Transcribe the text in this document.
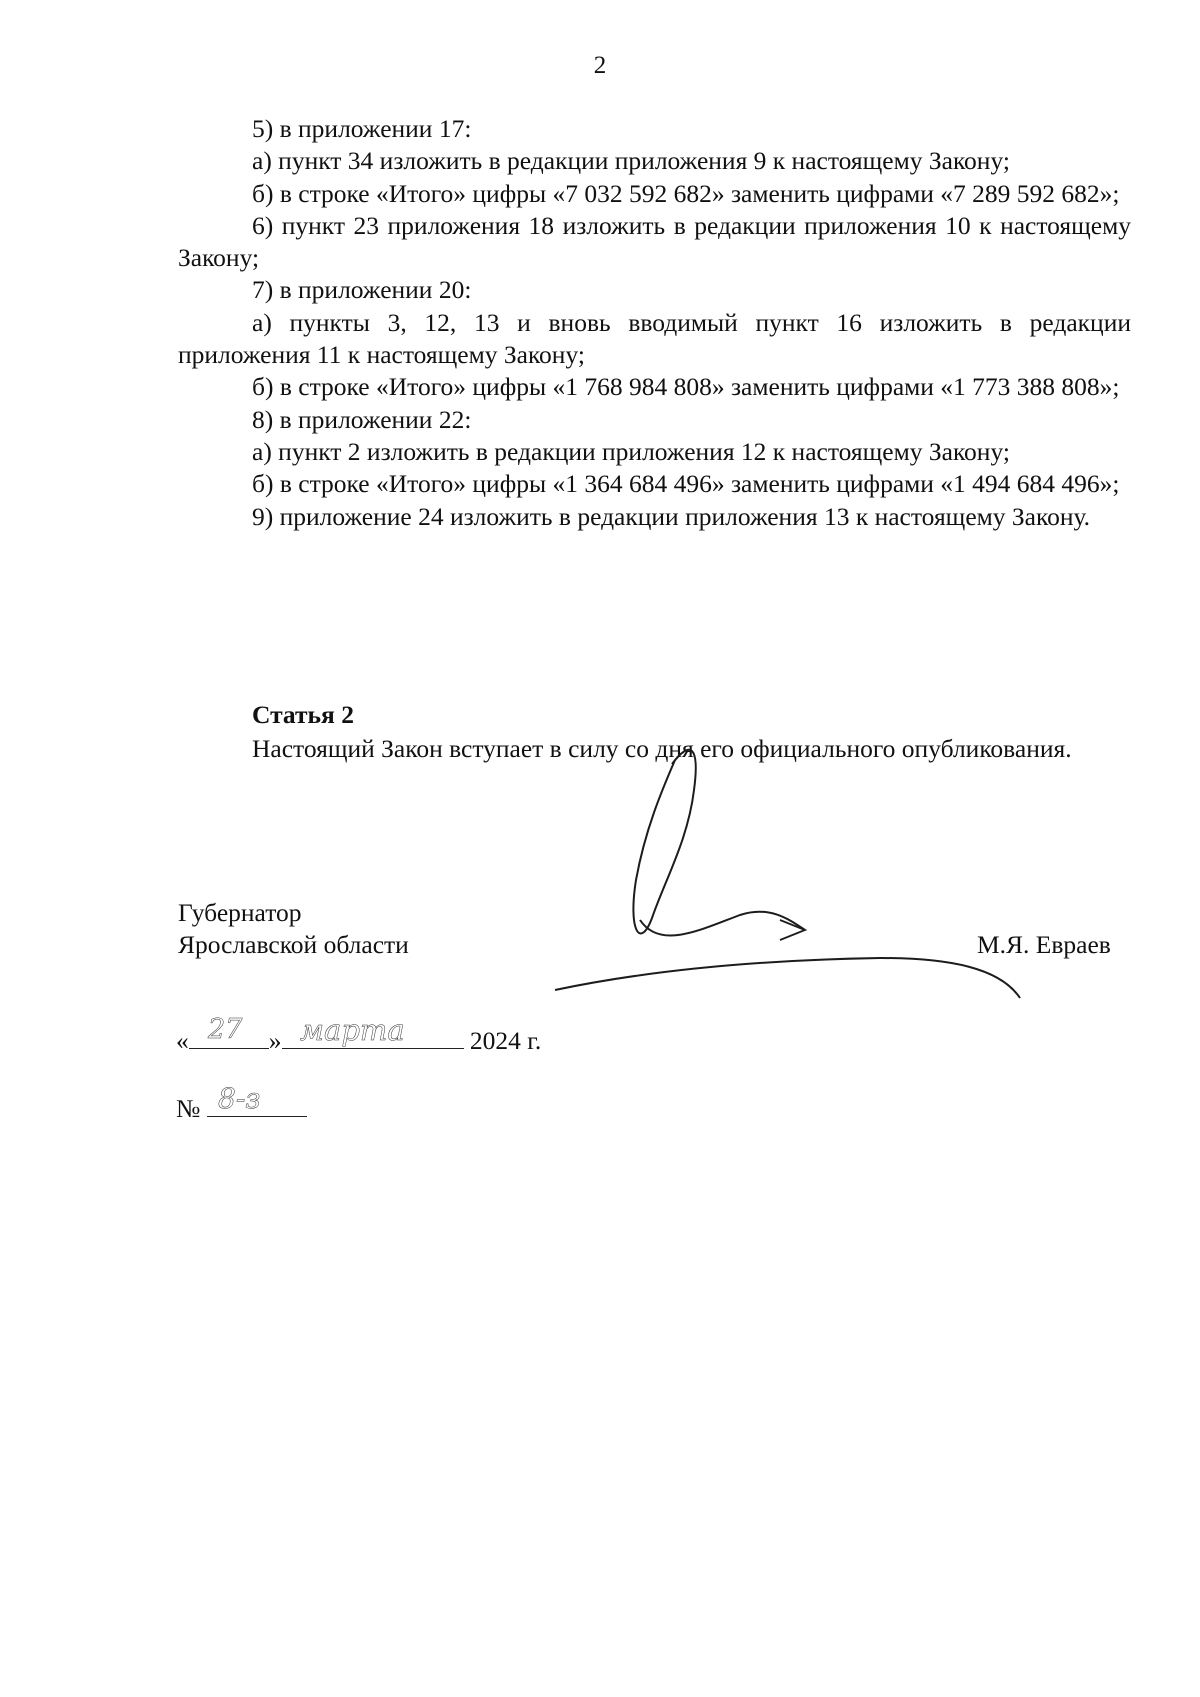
2

5) в приложении 17:

а) пункт 34 изложить в редакции приложения 9 к настоящему Закону;

б) в строке «Итого» цифры «7 032 592 682» заменить цифрами «7 289 592 682»;

6) пункт 23 приложения 18 изложить в редакции приложения 10 к настоящему Закону;

7) в приложении 20:

а) пункты 3, 12, 13 и вновь вводимый пункт 16 изложить в редакции приложения 11 к настоящему Закону;

б) в строке «Итого» цифры «1 768 984 808» заменить цифрами «1 773 388 808»;

8) в приложении 22:

а) пункт 2 изложить в редакции приложения 12 к настоящему Закону;

б) в строке «Итого» цифры «1 364 684 496» заменить цифрами «1 494 684 496»;

9) приложение 24 изложить в редакции приложения 13 к настоящему Закону.

Статья 2

Настоящий Закон вступает в силу со дня его официального опубликования.

Губернатор
Ярославской области	М.Я. Евраев
«	»	2024 г.
№
27 марта
8-з
